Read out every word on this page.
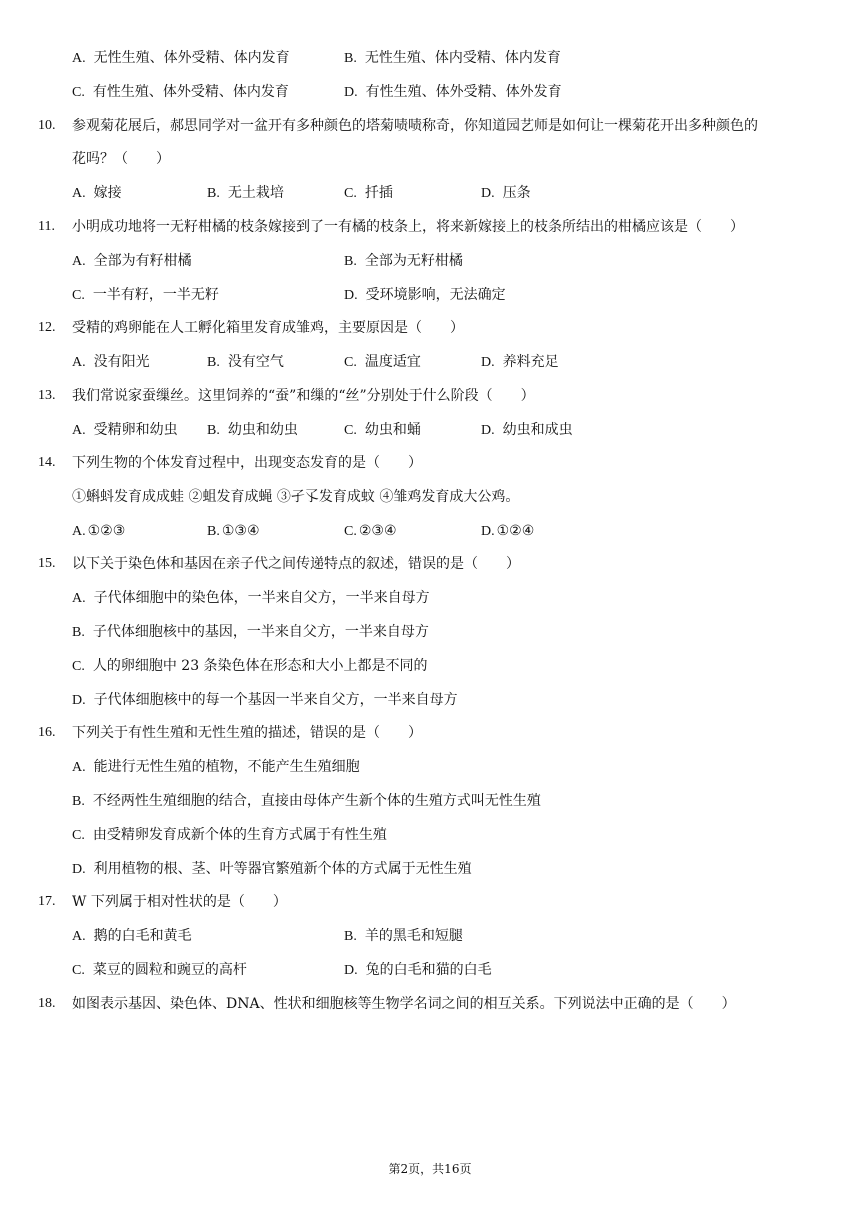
A. 无性生殖、体外受精、体内发育	B. 无性生殖、体内受精、体内发育
C. 有性生殖、体外受精、体内发育	D. 有性生殖、体外受精、体外发育
10.	参观菊花展后，郝思同学对一盆开有多种颜色的塔菊啧啧称奇，你知道园艺师是如何让一棵菊花开出多种颜色的
花吗？（　　）
A. 嫁接	B. 无土栽培	C. 扦插	D. 压条
11.	小明成功地将一无籽柑橘的枝条嫁接到了一有橘的枝条上，将来新嫁接上的枝条所结出的柑橘应该是（　　）
A. 全部为有籽柑橘	B. 全部为无籽柑橘
C. 一半有籽，一半无籽	D. 受环境影响，无法确定
12.	受精的鸡卵能在人工孵化箱里发育成雏鸡，主要原因是（　　）
A. 没有阳光	B. 没有空气	C. 温度适宜	D. 养料充足
13.	我们常说家蚕缫丝。这里饲养的“蚕”和缫的“丝”分别处于什么阶段（　　）
A. 受精卵和幼虫 B. 幼虫和幼虫	C. 幼虫和蛹	D. 幼虫和成虫
14.	下列生物的个体发育过程中，出现变态发育的是（　　）
①蝌蚪发育成成蛙 ②蛆发育成蝇 ③孑孓发育成蚊 ④雏鸡发育成大公鸡。
A. ①②③	B. ①③④	C. ②③④	D. ①②④
15.	以下关于染色体和基因在亲子代之间传递特点的叙述，错误的是（　　）
A. 子代体细胞中的染色体，一半来自父方，一半来自母方
B. 子代体细胞核中的基因，一半来自父方，一半来自母方
C. 人的卵细胞中 23 条染色体在形态和大小上都是不同的
D. 子代体细胞核中的每一个基因一半来自父方，一半来自母方
16.	下列关于有性生殖和无性生殖的描述，错误的是（　　）
A. 能进行无性生殖的植物，不能产生生殖细胞
B. 不经两性生殖细胞的结合，直接由母体产生新个体的生殖方式叫无性生殖
C. 由受精卵发育成新个体的生育方式属于有性生殖
D. 利用植物的根、茎、叶等器官繁殖新个体的方式属于无性生殖
17.	W 下列属于相对性状的是（　　）
A. 鹅的白毛和黄毛	B. 羊的黑毛和短腿
C. 菜豆的圆粒和豌豆的高杆	D. 兔的白毛和猫的白毛
18.	如图表示基因、染色体、DNA、性状和细胞核等生物学名词之间的相互关系。下列说法中正确的是（　　）
第2页，共16页
